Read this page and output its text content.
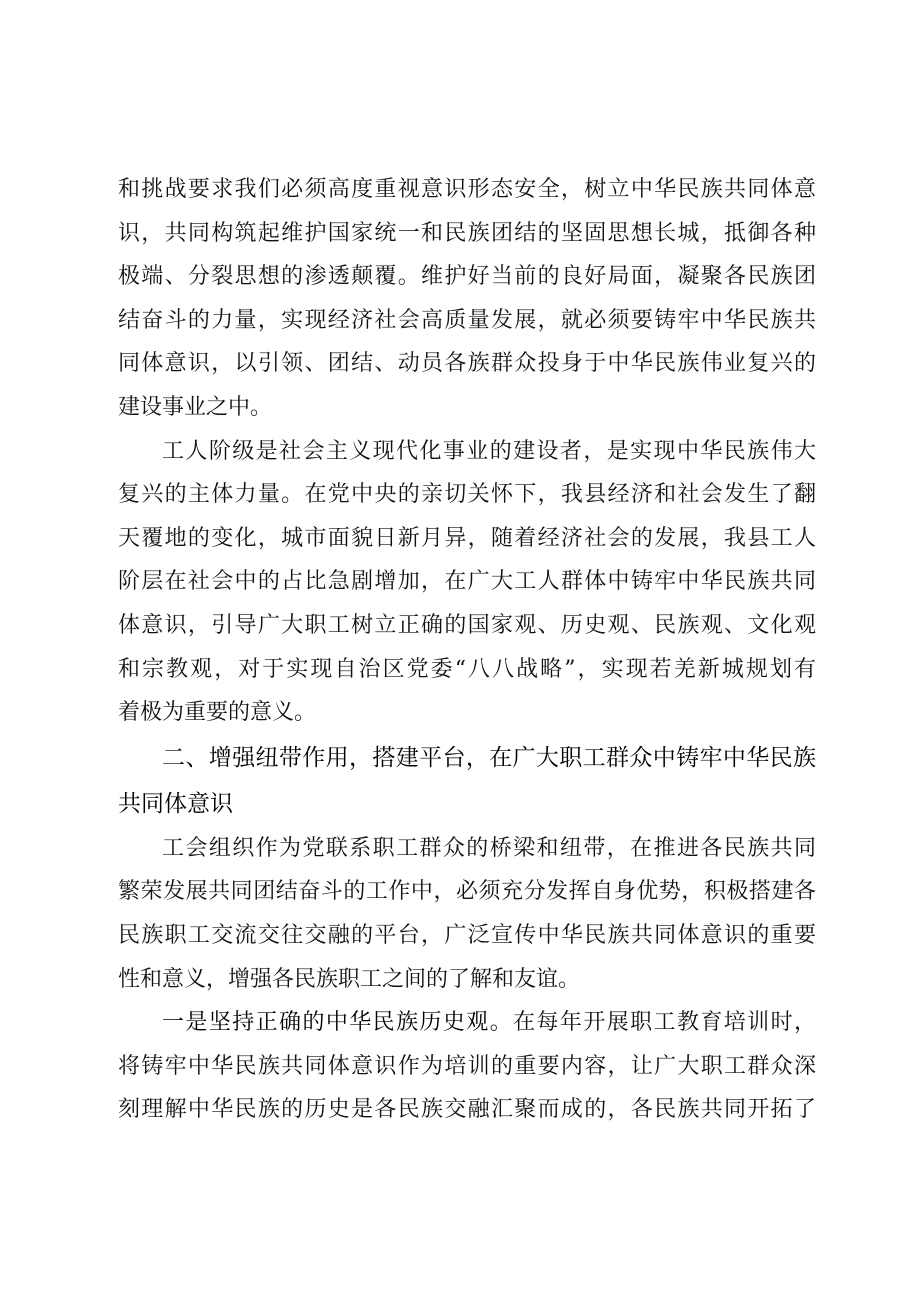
和挑战要求我们必须高度重视意识形态安全，树立中华民族共同体意
识，共同构筑起维护国家统一和民族团结的坚固思想长城，抵御各种
极端、分裂思想的渗透颠覆。维护好当前的良好局面，凝聚各民族团
结奋斗的力量，实现经济社会高质量发展，就必须要铸牢中华民族共
同体意识，以引领、团结、动员各族群众投身于中华民族伟业复兴的
建设事业之中。
工人阶级是社会主义现代化事业的建设者，是实现中华民族伟大
复兴的主体力量。在党中央的亲切关怀下，我县经济和社会发生了翻
天覆地的变化，城市面貌日新月异，随着经济社会的发展，我县工人
阶层在社会中的占比急剧增加，在广大工人群体中铸牢中华民族共同
体意识，引导广大职工树立正确的国家观、历史观、民族观、文化观
和宗教观，对于实现自治区党委“八八战略”，实现若羌新城规划有
着极为重要的意义。
二、增强纽带作用，搭建平台，在广大职工群众中铸牢中华民族
共同体意识
工会组织作为党联系职工群众的桥梁和纽带，在推进各民族共同
繁荣发展共同团结奋斗的工作中，必须充分发挥自身优势，积极搭建各
民族职工交流交往交融的平台，广泛宣传中华民族共同体意识的重要
性和意义，增强各民族职工之间的了解和友谊。
一是坚持正确的中华民族历史观。在每年开展职工教育培训时，
将铸牢中华民族共同体意识作为培训的重要内容，让广大职工群众深
刻理解中华民族的历史是各民族交融汇聚而成的，各民族共同开拓了
